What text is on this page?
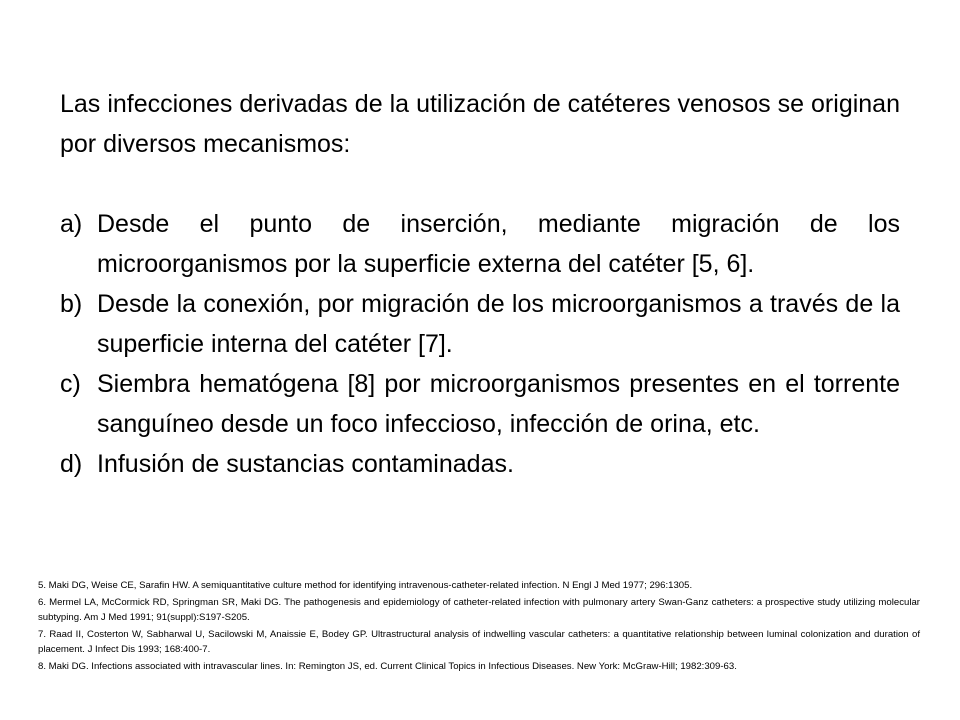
Las infecciones derivadas de la utilización de catéteres venosos se originan por diversos mecanismos:

a) Desde el punto de inserción, mediante migración de los microorganismos por la superficie externa del catéter [5, 6].
b) Desde la conexión, por migración de los microorganismos a través de la superficie interna del catéter [7].
c) Siembra hematógena [8] por microorganismos presentes en el torrente sanguíneo desde un foco infeccioso, infección de orina, etc.
d) Infusión de sustancias contaminadas.

5. Maki DG, Weise CE, Sarafin HW. A semiquantitative culture method for identifying intravenous-catheter-related infection. N Engl J Med 1977; 296:1305.

6. Mermel LA, McCormick RD, Springman SR, Maki DG. The pathogenesis and epidemiology of catheter-related infection with pulmonary artery Swan-Ganz catheters: a prospective study utilizing molecular subtyping. Am J Med 1991; 91(suppl):S197-S205.

7. Raad II, Costerton W, Sabharwal U, Sacilowski M, Anaissie E, Bodey GP. Ultrastructural analysis of indwelling vascular catheters: a quantitative relationship between luminal colonization and duration of placement. J Infect Dis 1993; 168:400-7.

8. Maki DG. Infections associated with intravascular lines. In: Remington JS, ed. Current Clinical Topics in Infectious Diseases. New York: McGraw-Hill; 1982:309-63.
